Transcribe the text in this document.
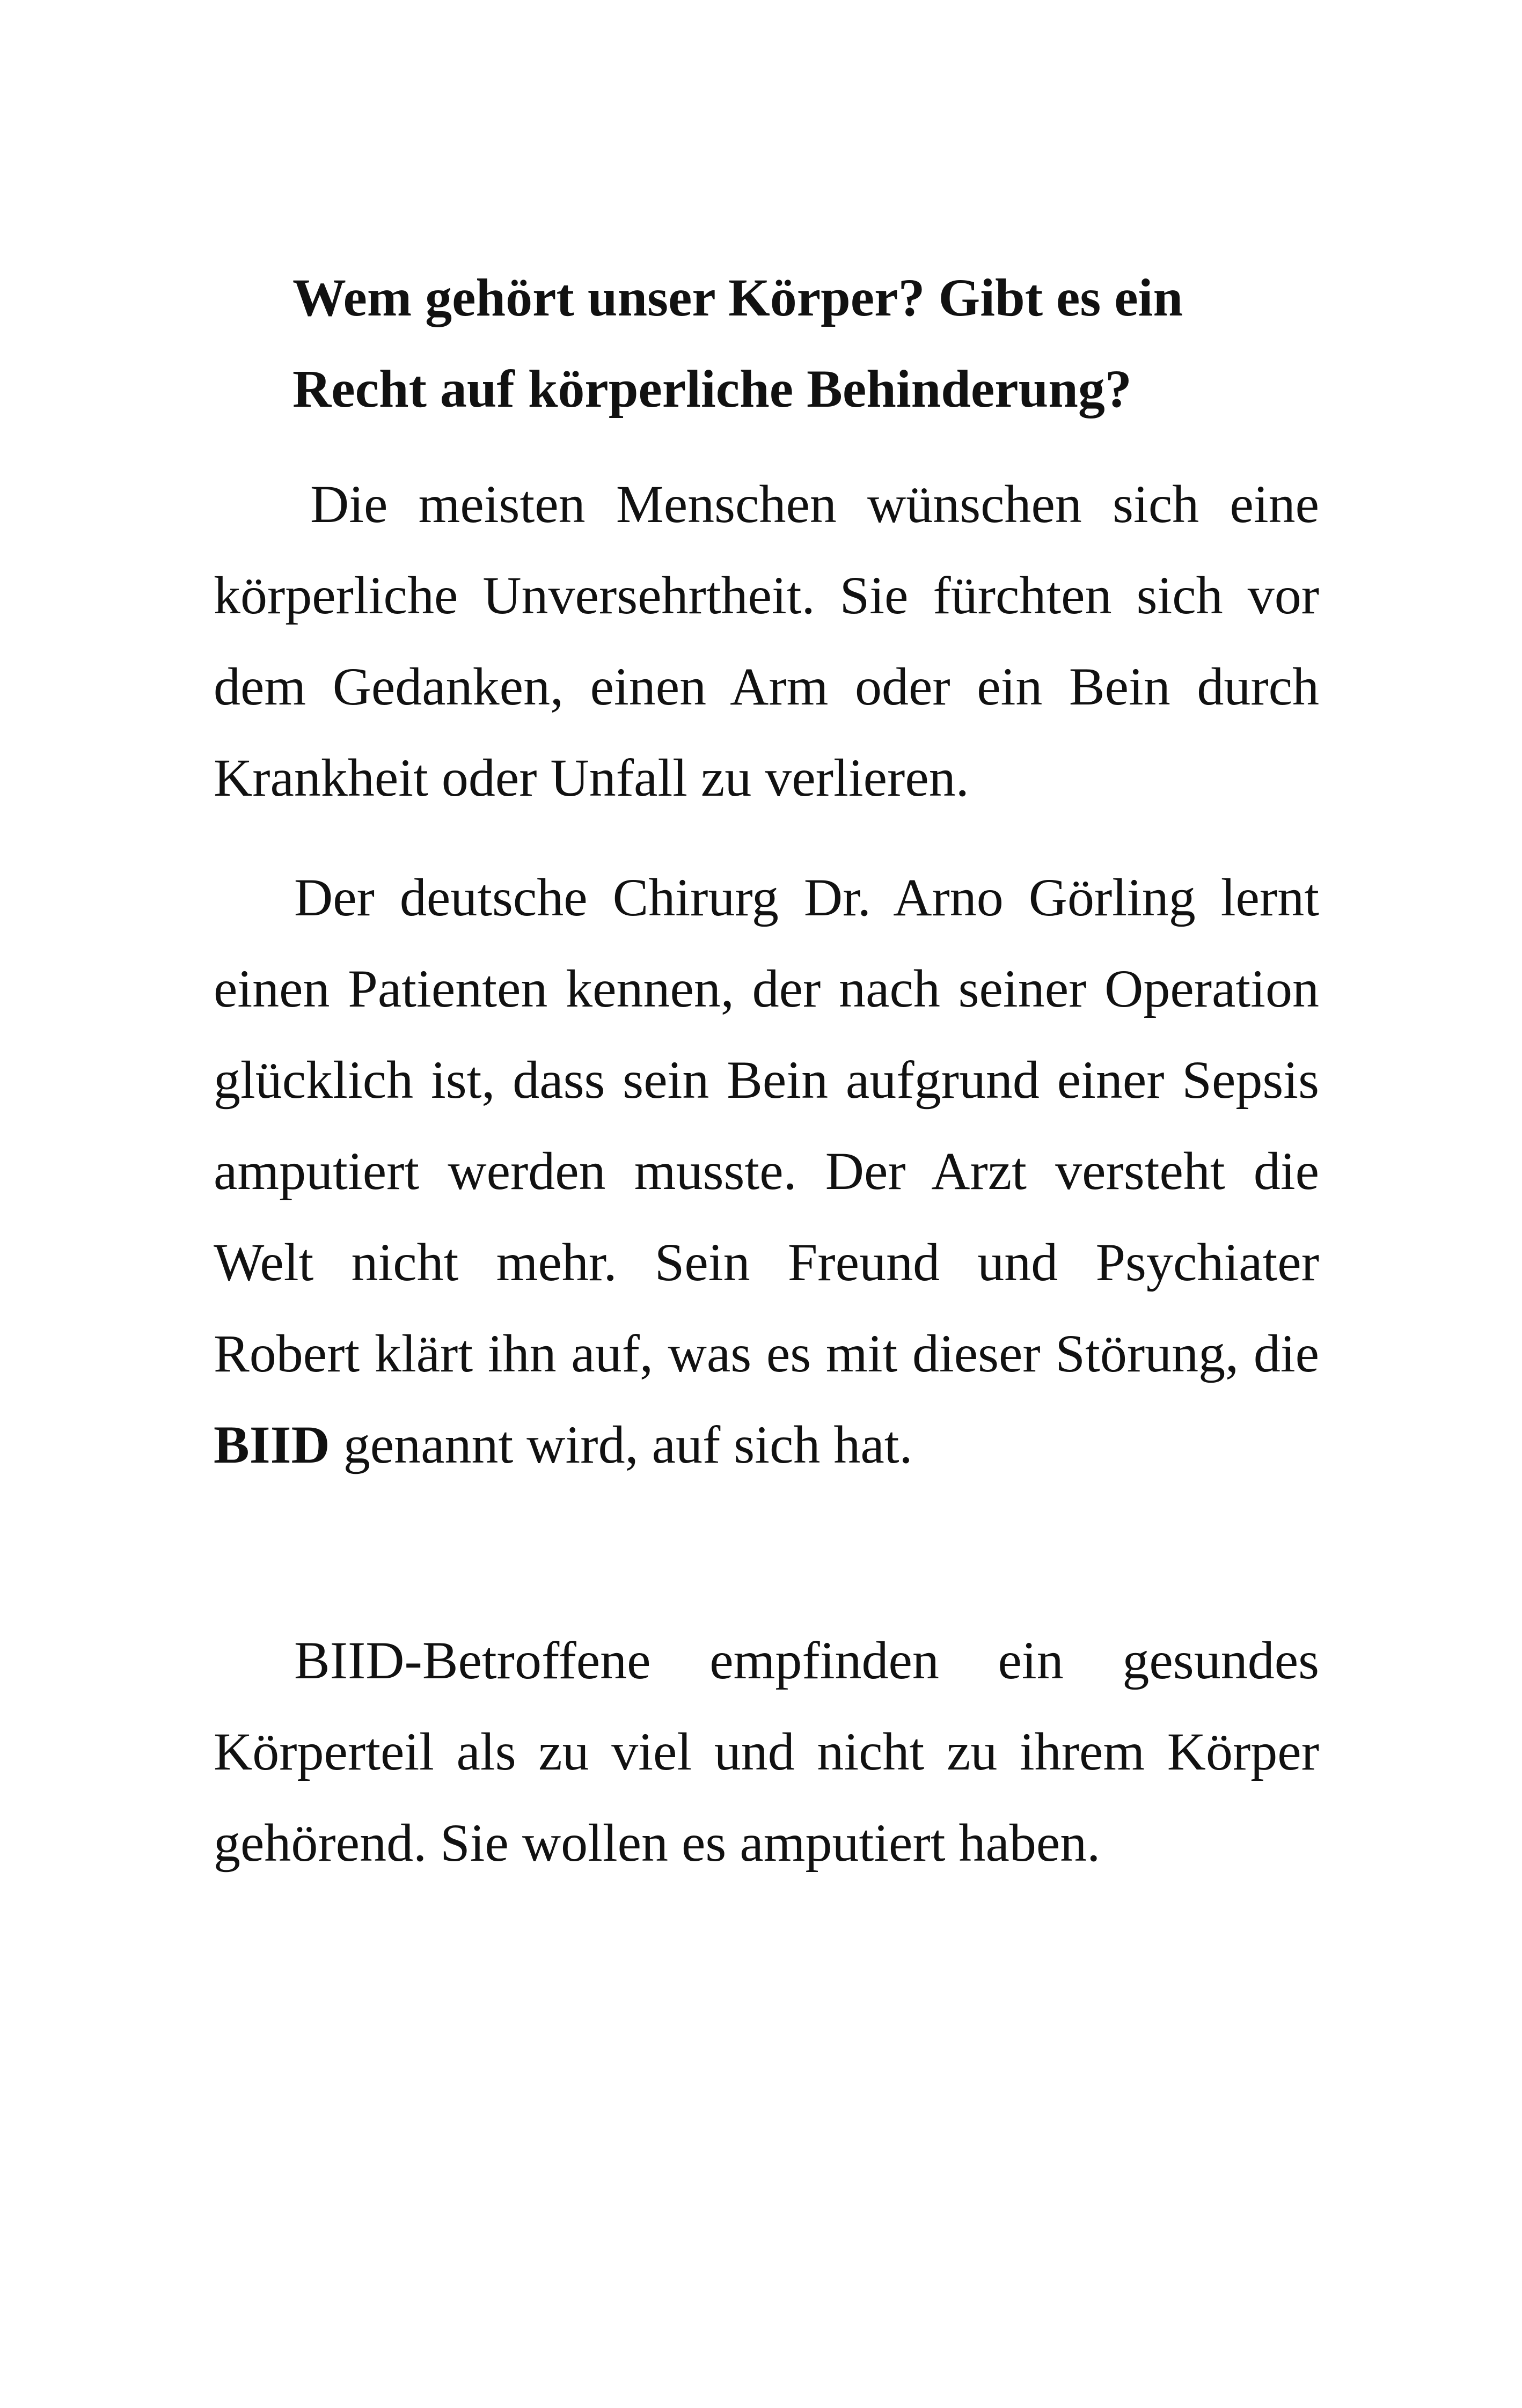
Wem gehört unser Körper? Gibt es ein
Recht auf körperliche Behinderung?

Die meisten Menschen wünschen sich eine körperliche Unversehrtheit. Sie fürchten sich vor dem Gedanken, einen Arm oder ein Bein durch Krankheit oder Unfall zu verlieren.

Der deutsche Chirurg Dr. Arno Görling lernt einen Patienten kennen, der nach seiner Operation glücklich ist, dass sein Bein aufgrund einer Sepsis amputiert werden musste. Der Arzt versteht die Welt nicht mehr. Sein Freund und Psychiater Robert klärt ihn auf, was es mit dieser Störung, die BIID genannt wird, auf sich hat.

BIID-Betroffene empfinden ein gesundes Körperteil als zu viel und nicht zu ihrem Körper gehörend. Sie wollen es amputiert haben.
